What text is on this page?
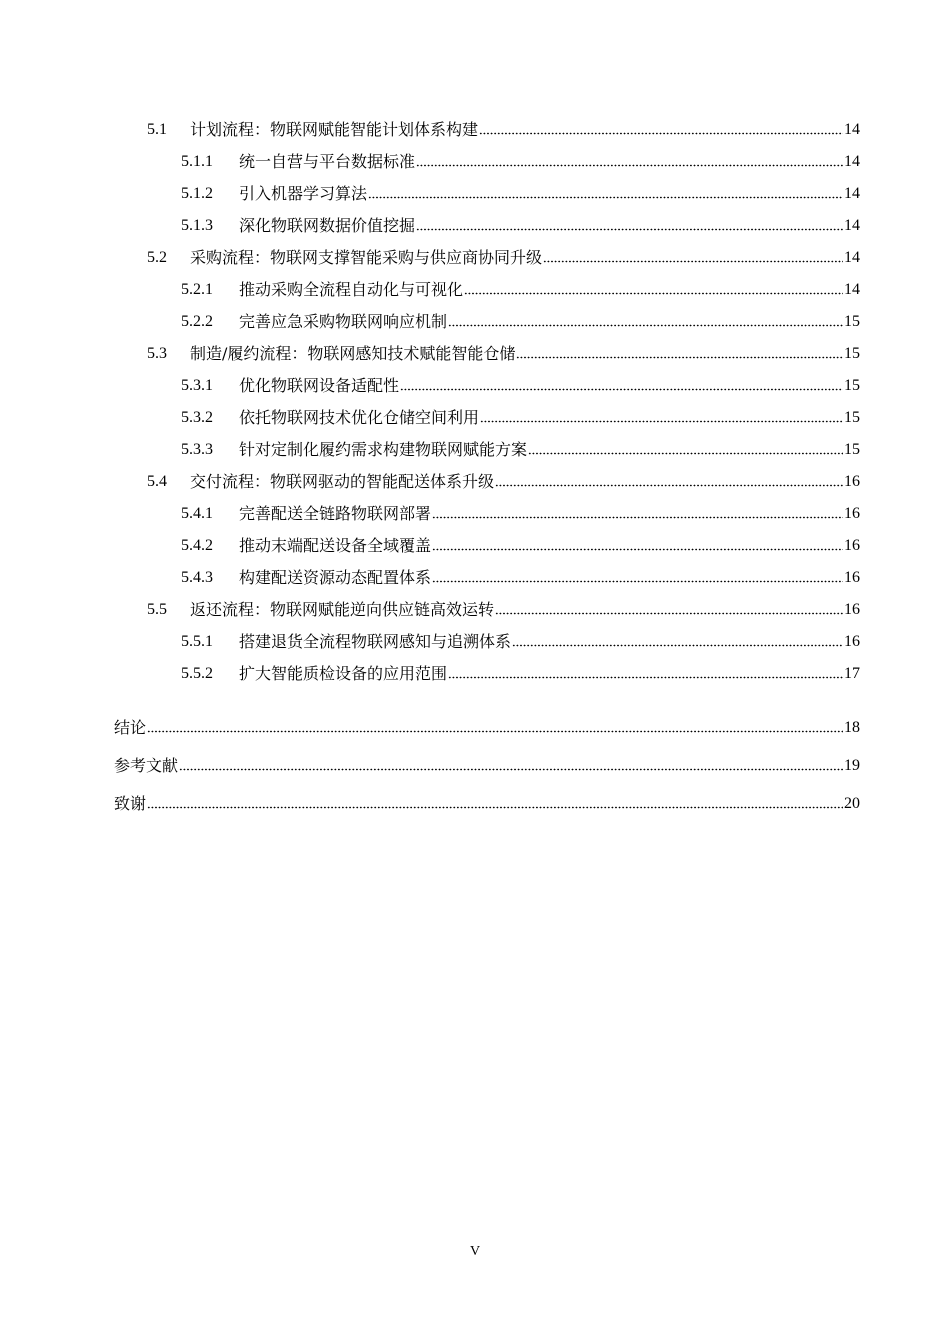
5.1	计划流程：物联网赋能智能计划体系构建	14
5.1.1	统一自营与平台数据标准	14
5.1.2	引入机器学习算法	14
5.1.3	深化物联网数据价值挖掘	14
5.2	采购流程：物联网支撑智能采购与供应商协同升级	14
5.2.1	推动采购全流程自动化与可视化	14
5.2.2	完善应急采购物联网响应机制	15
5.3	制造/履约流程：物联网感知技术赋能智能仓储	15
5.3.1	优化物联网设备适配性	15
5.3.2	依托物联网技术优化仓储空间利用	15
5.3.3	针对定制化履约需求构建物联网赋能方案	15
5.4	交付流程：物联网驱动的智能配送体系升级	16
5.4.1	完善配送全链路物联网部署	16
5.4.2	推动末端配送设备全域覆盖	16
5.4.3	构建配送资源动态配置体系	16
5.5	返还流程：物联网赋能逆向供应链高效运转	16
5.5.1	搭建退货全流程物联网感知与追溯体系	16
5.5.2	扩大智能质检设备的应用范围	17
结论	18
参考文献	19
致谢	20
V
